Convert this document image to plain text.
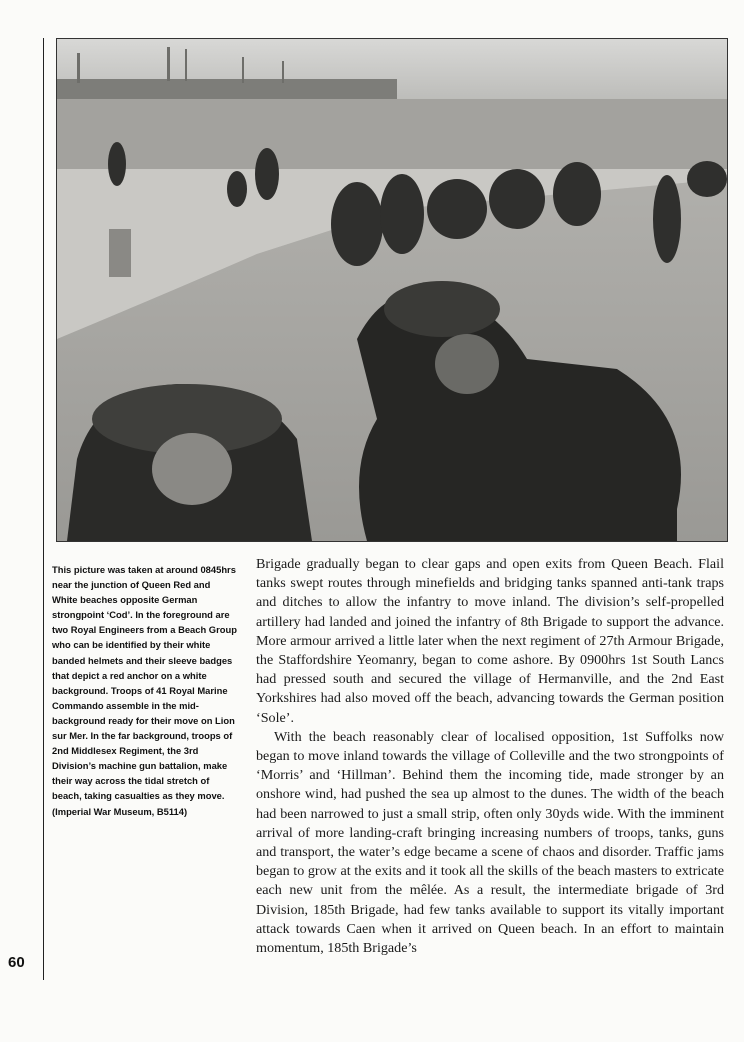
This picture was taken at around 0845hrs near the junction of Queen Red and White beaches opposite German strongpoint ‘Cod’. In the foreground are two Royal Engineers from a Beach Group who can be identified by their white banded helmets and their sleeve badges that depict a red anchor on a white background. Troops of 41 Royal Marine Commando assemble in the mid-background ready for their move on Lion sur Mer. In the far background, troops of 2nd Middlesex Regiment, the 3rd Division’s machine gun battalion, make their way across the tidal stretch of beach, taking casualties as they move. (Imperial War Museum, B5114)

Brigade gradually began to clear gaps and open exits from Queen Beach. Flail tanks swept routes through minefields and bridging tanks spanned anti-tank traps and ditches to allow the infantry to move inland. The division’s self-propelled artillery had landed and joined the infantry of 8th Brigade to support the advance. More armour arrived a little later when the next regiment of 27th Armour Brigade, the Staffordshire Yeomanry, began to come ashore. By 0900hrs 1st South Lancs had pressed south and secured the village of Hermanville, and the 2nd East Yorkshires had also moved off the beach, advancing towards the German position ‘Sole’.

With the beach reasonably clear of localised opposition, 1st Suffolks now began to move inland towards the village of Colleville and the two strongpoints of ‘Morris’ and ‘Hillman’. Behind them the incoming tide, made stronger by an onshore wind, had pushed the sea up almost to the dunes. The width of the beach had been narrowed to just a small strip, often only 30yds wide. With the imminent arrival of more landing-craft bringing increasing numbers of troops, tanks, guns and transport, the water’s edge became a scene of chaos and disorder. Traffic jams began to grow at the exits and it took all the skills of the beach masters to extricate each new unit from the mêlée. As a result, the intermediate brigade of 3rd Division, 185th Brigade, had few tanks available to support its vitally important attack towards Caen when it arrived on Queen beach. In an effort to maintain momentum, 185th Brigade’s

60
